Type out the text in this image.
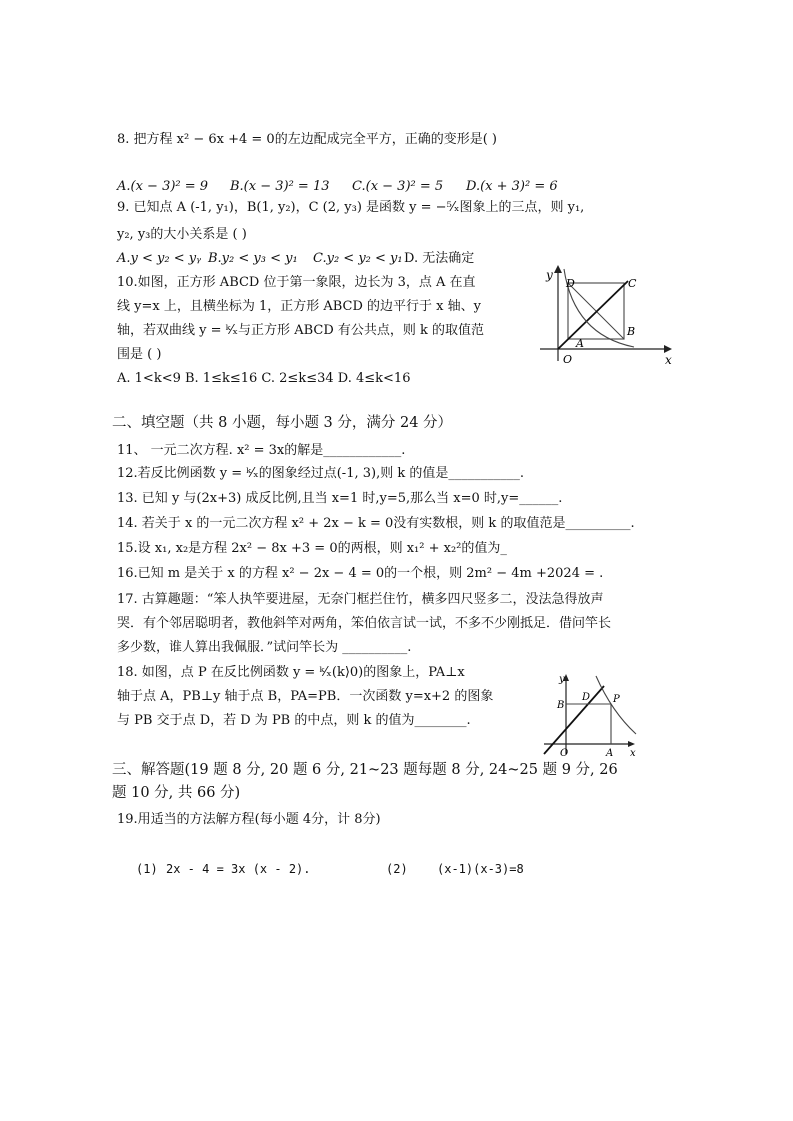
8. 把方程 x² − 6x +4 = 0的左边配成完全平方，正确的变形是( )
A.(x − 3)² = 9 B.(x − 3)² = 13 C.(x − 3)² = 5 D.(x + 3)² = 6
9. 已知点 A (-1, y₁)，B(1, y₂)，C (2, y₃) 是函数 y = −⁵⁄ₓ图象上的三点，则 y₁,
y₂, y₃的大小关系是 ( )
A.y < y₂ < yᵧ B.y₂ < y₃ < y₁ C.y₂ < y₂ < y₁ D. 无法确定
10.如图，正方形 ABCD 位于第一象限，边长为 3，点 A 在直
线 y=x 上，且横坐标为 1，正方形 ABCD 的边平行于 x 轴、y
轴，若双曲线 y = ᵏ⁄ₓ与正方形 ABCD 有公共点，则 k 的取值范
围是 ( )
A. 1<k<9 B. 1≤k≤16 C. 2≤k≤34 D. 4≤k<16
y
x
O
A
B
C
D
二、填空题（共 8 小题，每小题 3 分，满分 24 分）
11、 一元二次方程. x² = 3x的解是____________.
12.若反比例函数 y = ᵏ⁄ₓ的图象经过点(-1, 3),则 k 的值是___________.
13. 已知 y 与(2x+3) 成反比例,且当 x=1 时,y=5,那么当 x=0 时,y=______.
14. 若关于 x 的一元二次方程 x² + 2x − k = 0没有实数根，则 k 的取值范是__________.
15.设 x₁, x₂是方程 2x² − 8x +3 = 0的两根，则 x₁² + x₂²的值为_
16.已知 m 是关于 x 的方程 x² − 2x − 4 = 0的一个根，则 2m² − 4m +2024 = .
17. 古算趣题：“笨人执竿要进屋，无奈门框拦住竹，横多四尺竖多二，没法急得放声
哭．有个邻居聪明者，教他斜竿对两角，笨伯依言试一试，不多不少刚抵足．借问竿长
多少数，谁人算出我佩服．”试问竿长为 __________.
18. 如图，点 P 在反比例函数 y = ᵏ⁄ₓ(k⟩0)的图象上，PA⊥x
轴于点 A，PB⊥y 轴于点 B，PA=PB．一次函数 y=x+2 的图象
与 PB 交于点 D，若 D 为 PB 的中点，则 k 的值为________.
y
x
O	A
B
D P
三、解答题(19 题 8 分, 20 题 6 分, 21~23 题每题 8 分, 24~25 题 9 分, 26
题 10 分, 共 66 分)
19.用适当的方法解方程(每小题 4分，计 8分)
(1) 2x - 4 = 3x (x - 2).	(2) (x-1)(x-3)=8
